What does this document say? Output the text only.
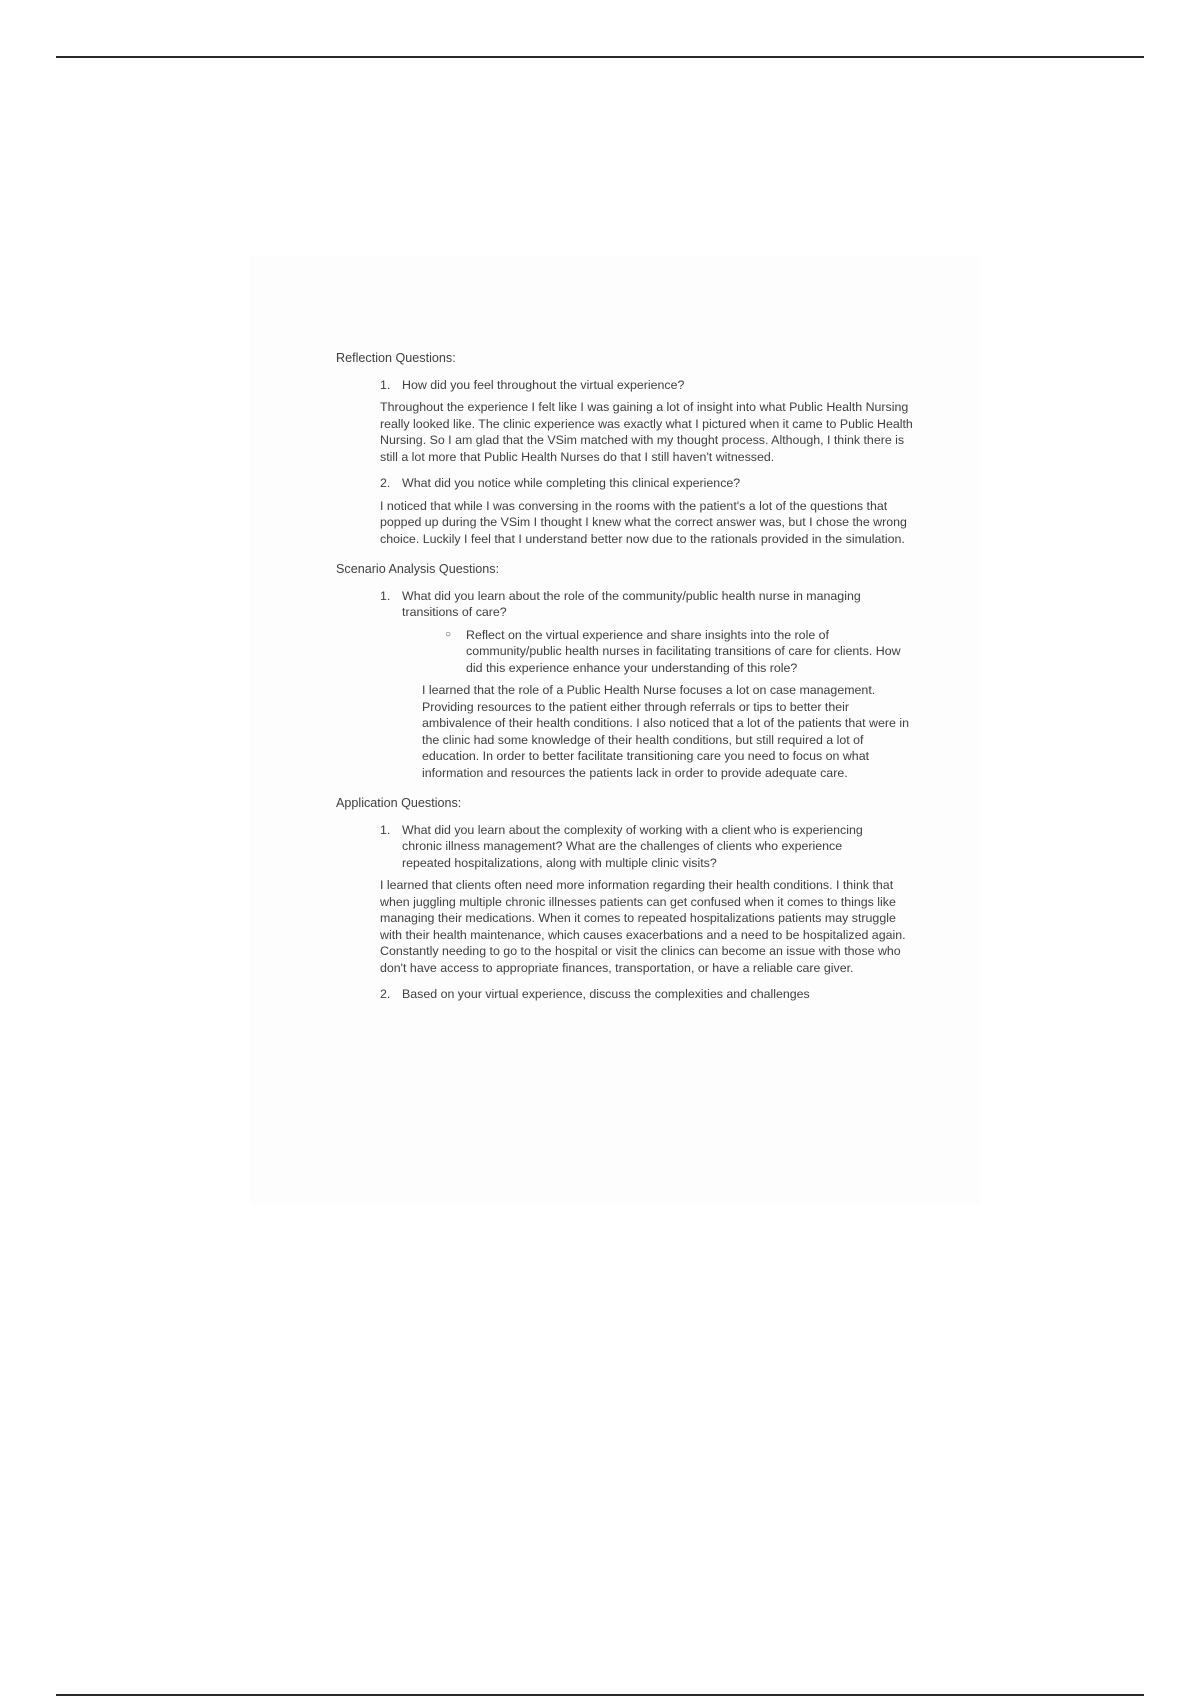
Reflection Questions:

1. How did you feel throughout the virtual experience?

Throughout the experience I felt like I was gaining a lot of insight into what Public Health Nursing really looked like. The clinic experience was exactly what I pictured when it came to Public Health Nursing. So I am glad that the VSim matched with my thought process. Although, I think there is still a lot more that Public Health Nurses do that I still haven't witnessed.

2. What did you notice while completing this clinical experience?

I noticed that while I was conversing in the rooms with the patient's a lot of the questions that popped up during the VSim I thought I knew what the correct answer was, but I chose the wrong choice. Luckily I feel that I understand better now due to the rationals provided in the simulation.

Scenario Analysis Questions:

1. What did you learn about the role of the community/public health nurse in managing transitions of care?
○ Reflect on the virtual experience and share insights into the role of community/public health nurses in facilitating transitions of care for clients. How did this experience enhance your understanding of this role?

I learned that the role of a Public Health Nurse focuses a lot on case management. Providing resources to the patient either through referrals or tips to better their ambivalence of their health conditions. I also noticed that a lot of the patients that were in the clinic had some knowledge of their health conditions, but still required a lot of education. In order to better facilitate transitioning care you need to focus on what information and resources the patients lack in order to provide adequate care.

Application Questions:

1. What did you learn about the complexity of working with a client who is experiencing chronic illness management? What are the challenges of clients who experience repeated hospitalizations, along with multiple clinic visits?

I learned that clients often need more information regarding their health conditions. I think that when juggling multiple chronic illnesses patients can get confused when it comes to things like managing their medications. When it comes to repeated hospitalizations patients may struggle with their health maintenance, which causes exacerbations and a need to be hospitalized again. Constantly needing to go to the hospital or visit the clinics can become an issue with those who don't have access to appropriate finances, transportation, or have a reliable care giver.

2. Based on your virtual experience, discuss the complexities and challenges
